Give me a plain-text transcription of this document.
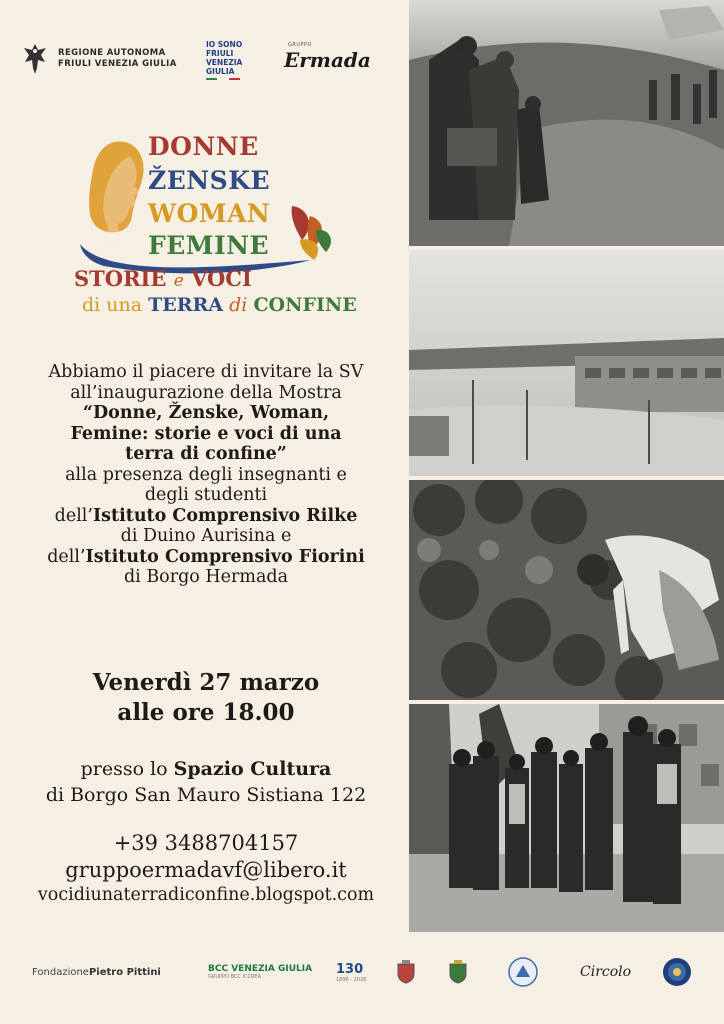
REGIONE AUTONOMA
FRIULI VENEZIA GIULIA
IO SONO
FRIULI
VENEZIA
GIULIA
GRUPPO
Ermada
DONNE
ŽENSKE
WOMAN
FEMINE
STORIE e VOCI
di una TERRA di CONFINE

Abbiamo il piacere di invitare la SV

all’inaugurazione della Mostra

“Donne, Ženske, Woman,

Femine: storie e voci di una

terra di confine”

alla presenza degli insegnanti e

degli studenti

dell’Istituto Comprensivo Rilke

di Duino Aurisina e

dell’Istituto Comprensivo Fiorini

di Borgo Hermada

Venerdì 27 marzo
alle ore 18.00
presso lo Spazio Cultura
di Borgo San Mauro Sistiana 122
+39 3488704157
gruppoermadavf@libero.it
vocidiunaterradiconfine.blogspot.com
Fondazione Pietro Pittini	BCC VENEZIA GIULIA
GRUPPO BCC ICCREA
130
1896 - 2026	Circolo
